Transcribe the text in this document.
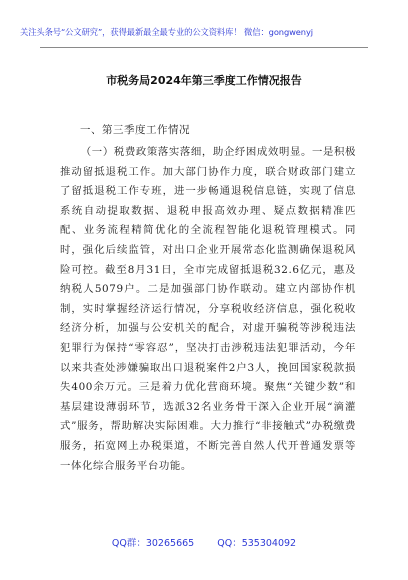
关注头条号“公文研究”，获得最新最全最专业的公文资料库！ 微信：gongwenyj
市税务局2024年第三季度工作情况报告
一、第三季度工作情况

（一）税费政策落实落细，助企纾困成效明显。一是积极推动留抵退税工作。加大部门协作力度，联合财政部门建立了留抵退税工作专班，进一步畅通退税信息链，实现了信息系统自动提取数据、退税申报高效办理、疑点数据精准匹配、业务流程精简优化的全流程智能化退税管理模式。同时，强化后续监管，对出口企业开展常态化监测确保退税风险可控。截至8月31日，全市完成留抵退税32.6亿元，惠及纳税人5079户。二是加强部门协作联动。建立内部协作机制，实时掌握经济运行情况，分享税收经济信息，强化税收经济分析，加强与公安机关的配合，对虚开骗税等涉税违法犯罪行为保持“零容忍”，坚决打击涉税违法犯罪活动，今年以来共查处涉嫌骗取出口退税案件2户3人，挽回国家税款损失400余万元。三是着力优化营商环境。聚焦“关键少数”和基层建设薄弱环节，选派32名业务骨干深入企业开展“滴灌式”服务，帮助解决实际困难。大力推行“非接触式”办税缴费服务，拓宽网上办税渠道，不断完善自然人代开普通发票等一体化综合服务平台功能。

QQ群：30265665 QQ：535304092
